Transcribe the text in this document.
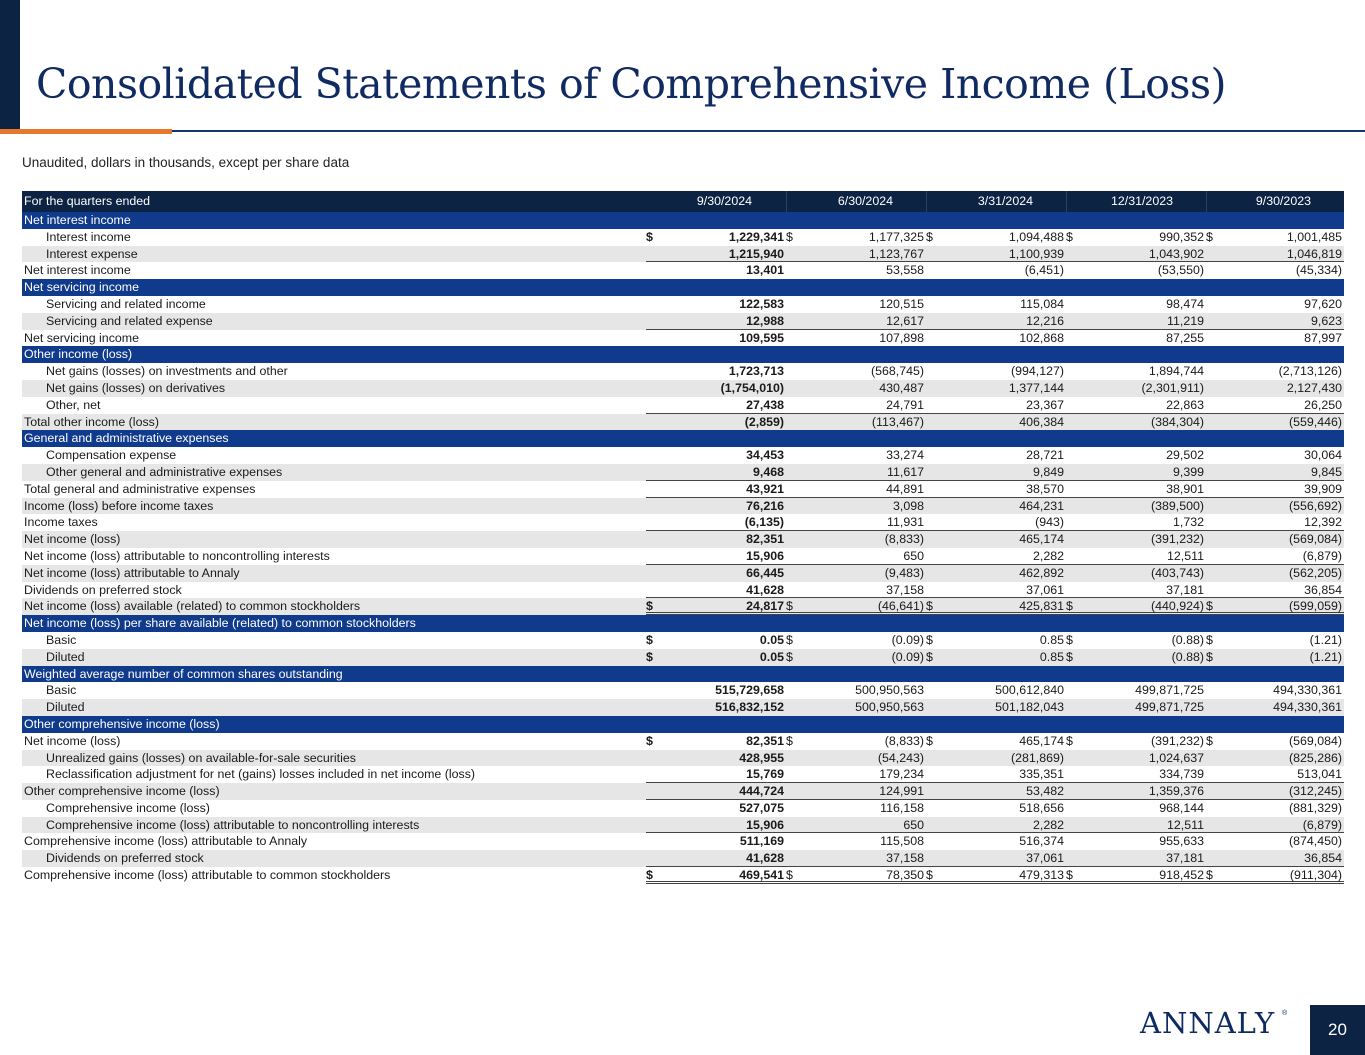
Consolidated Statements of Comprehensive Income (Loss)
Unaudited, dollars in thousands, except per share data
For the quarters ended	9/30/2024	6/30/2024	3/31/2024	12/31/2023	9/30/2023
Net interest income
Interest income	$	1,229,341 $	1,177,325 $	1,094,488 $	990,352 $	1,001,485
Interest expense	1,215,940	1,123,767	1,100,939	1,043,902	1,046,819
Net interest income	13,401	53,558	(6,451)	(53,550)	(45,334)
Net servicing income
Servicing and related income	122,583	120,515	115,084	98,474	97,620
Servicing and related expense	12,988	12,617	12,216	11,219	9,623
Net servicing income	109,595	107,898	102,868	87,255	87,997
Other income (loss)
Net gains (losses) on investments and other	1,723,713	(568,745)	(994,127)	1,894,744	(2,713,126)
Net gains (losses) on derivatives	(1,754,010)	430,487	1,377,144	(2,301,911)	2,127,430
Other, net	27,438	24,791	23,367	22,863	26,250
Total other income (loss)	(2,859)	(113,467)	406,384	(384,304)	(559,446)
General and administrative expenses
Compensation expense	34,453	33,274	28,721	29,502	30,064
Other general and administrative expenses	9,468	11,617	9,849	9,399	9,845
Total general and administrative expenses	43,921	44,891	38,570	38,901	39,909
Income (loss) before income taxes	76,216	3,098	464,231	(389,500)	(556,692)
Income taxes	(6,135)	11,931	(943)	1,732	12,392
Net income (loss)	82,351	(8,833)	465,174	(391,232)	(569,084)
Net income (loss) attributable to noncontrolling interests	15,906	650	2,282	12,511	(6,879)
Net income (loss) attributable to Annaly	66,445	(9,483)	462,892	(403,743)	(562,205)
Dividends on preferred stock	41,628	37,158	37,061	37,181	36,854
Net income (loss) available (related) to common stockholders	$	24,817 $	(46,641) $	425,831 $	(440,924) $	(599,059)
Net income (loss) per share available (related) to common stockholders
Basic	$	0.05 $	(0.09) $	0.85 $	(0.88) $	(1.21)
Diluted	$	0.05 $	(0.09) $	0.85 $	(0.88) $	(1.21)
Weighted average number of common shares outstanding
Basic	515,729,658	500,950,563	500,612,840	499,871,725	494,330,361
Diluted	516,832,152	500,950,563	501,182,043	499,871,725	494,330,361
Other comprehensive income (loss)
Net income (loss)	$	82,351 $	(8,833) $	465,174 $	(391,232) $	(569,084)
Unrealized gains (losses) on available-for-sale securities	428,955	(54,243)	(281,869)	1,024,637	(825,286)
Reclassification adjustment for net (gains) losses included in net income (loss)	15,769	179,234	335,351	334,739	513,041
Other comprehensive income (loss)	444,724	124,991	53,482	1,359,376	(312,245)
Comprehensive income (loss)	527,075	116,158	518,656	968,144	(881,329)
Comprehensive income (loss) attributable to noncontrolling interests	15,906	650	2,282	12,511	(6,879)
Comprehensive income (loss) attributable to Annaly	511,169	115,508	516,374	955,633	(874,450)
Dividends on preferred stock	41,628	37,158	37,061	37,181	36,854
Comprehensive income (loss) attributable to common stockholders	$	469,541 $	78,350 $	479,313 $	918,452 $	(911,304)
ANNALY ®
20
